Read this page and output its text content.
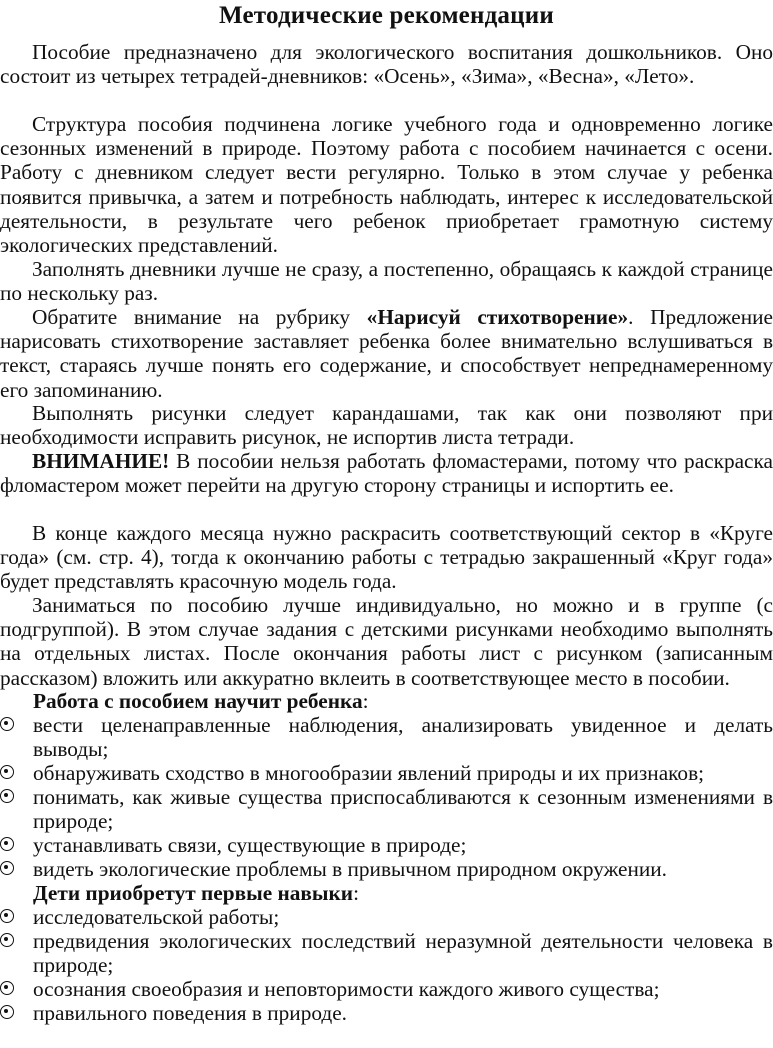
Методические рекомендации

Пособие предназначено для экологического воспитания дошкольников. Оно состоит из четырех тетрадей-дневников: «Осень», «Зима», «Весна», «Лето».

Структура пособия подчинена логике учебного года и одновременно логике сезонных изменений в природе. Поэтому работа с пособием начинается с осени. Работу с дневником следует вести регулярно. Только в этом случае у ребенка появится привычка, а затем и потребность наблюдать, интерес к исследовательской деятельности, в результате чего ребенок приобретает грамотную систему экологических представлений.

Заполнять дневники лучше не сразу, а постепенно, обращаясь к каждой странице по нескольку раз.

Обратите внимание на рубрику «Нарисуй стихотворение». Предложение нарисовать стихотворение заставляет ребенка более внимательно вслушиваться в текст, стараясь лучше понять его содержание, и способствует непреднамеренному его запоминанию.

Выполнять рисунки следует карандашами, так как они позволяют при необходимости исправить рисунок, не испортив листа тетради.

ВНИМАНИЕ! В пособии нельзя работать фломастерами, потому что раскраска фломастером может перейти на другую сторону страницы и испортить ее.

В конце каждого месяца нужно раскрасить соответствующий сектор в «Круге года» (см. стр. 4), тогда к окончанию работы с тетрадью закрашенный «Круг года» будет представлять красочную модель года.

Заниматься по пособию лучше индивидуально, но можно и в группе (с подгруппой). В этом случае задания с детскими рисунками необходимо выполнять на отдельных листах. После окончания работы лист с рисунком (записанным рассказом) вложить или аккуратно вклеить в соответствующее место в пособии.

Работа с пособием научит ребенка:

вести целенаправленные наблюдения, анализировать увиденное и делать выводы;
обнаруживать сходство в многообразии явлений природы и их признаков;
понимать, как живые существа приспосабливаются к сезонным изменениями в природе;
устанавливать связи, существующие в природе;
видеть экологические проблемы в привычном природном окружении.

Дети приобретут первые навыки:

исследовательской работы;
предвидения экологических последствий неразумной деятельности человека в природе;
осознания своеобразия и неповторимости каждого живого существа;
правильного поведения в природе.
